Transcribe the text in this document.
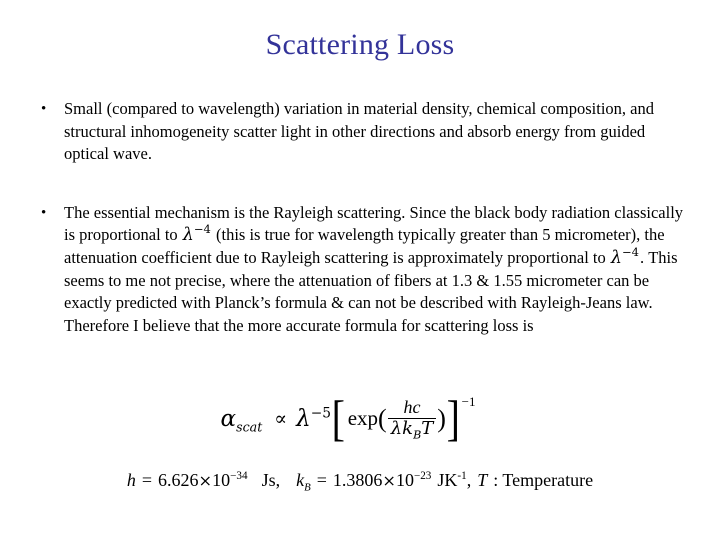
Scattering Loss
•	Small (compared to wavelength) variation in material density, chemical composition, and structural inhomogeneity scatter light in other directions and absorb energy from guided optical wave.
•	The essential mechanism is the Rayleigh scattering. Since the black body radiation classically is proportional to $\lambda^{-4}$ (this is true for wavelength typically greater than 5 micrometer), the attenuation coefficient due to Rayleigh scattering is approximately proportional to $\lambda^{-4}$. This seems to me not precise, where the attenuation of fibers at 1.3 & 1.55 micrometer can be exactly predicted with Planck’s formula & can not be described with Rayleigh-Jeans law. Therefore I believe that the more accurate formula for scattering loss is
$\alpha_{scat} \propto \lambda^{-5}$ [ exp ( $\frac{hc}{\lambda k_BT}$ ) ] −1
$h = 6.626\times 10^{-34}$ Js, $k_B = 1.3806\times 10^{-23}$ $JK^{-1}$, T : Temperature
